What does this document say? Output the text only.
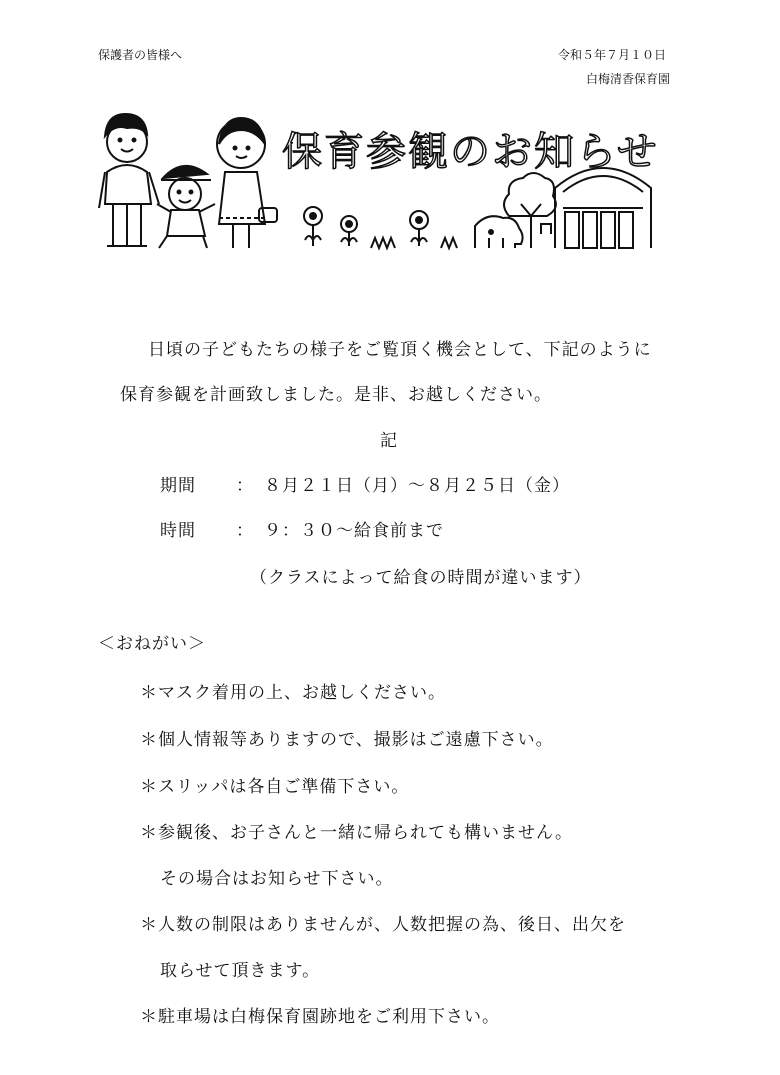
保護者の皆様へ	令和５年７月１０日
白梅清香保育園
保育参観のお知らせ
日頃の子どもたちの様子をご覧頂く機会として、下記のように
保育参観を計画致しました。是非、お越しください。
記
期間 ： ８月２１日（月）～８月２５日（金）
時間 ： ９：３０～給食前まで
（クラスによって給食の時間が違います）
＜おねがい＞
＊マスク着用の上、お越しください。
＊個人情報等ありますので、撮影はご遠慮下さい。
＊スリッパは各自ご準備下さい。
＊参観後、お子さんと一緒に帰られても構いません。
その場合はお知らせ下さい。
＊人数の制限はありませんが、人数把握の為、後日、出欠を
取らせて頂きます。
＊駐車場は白梅保育園跡地をご利用下さい。
